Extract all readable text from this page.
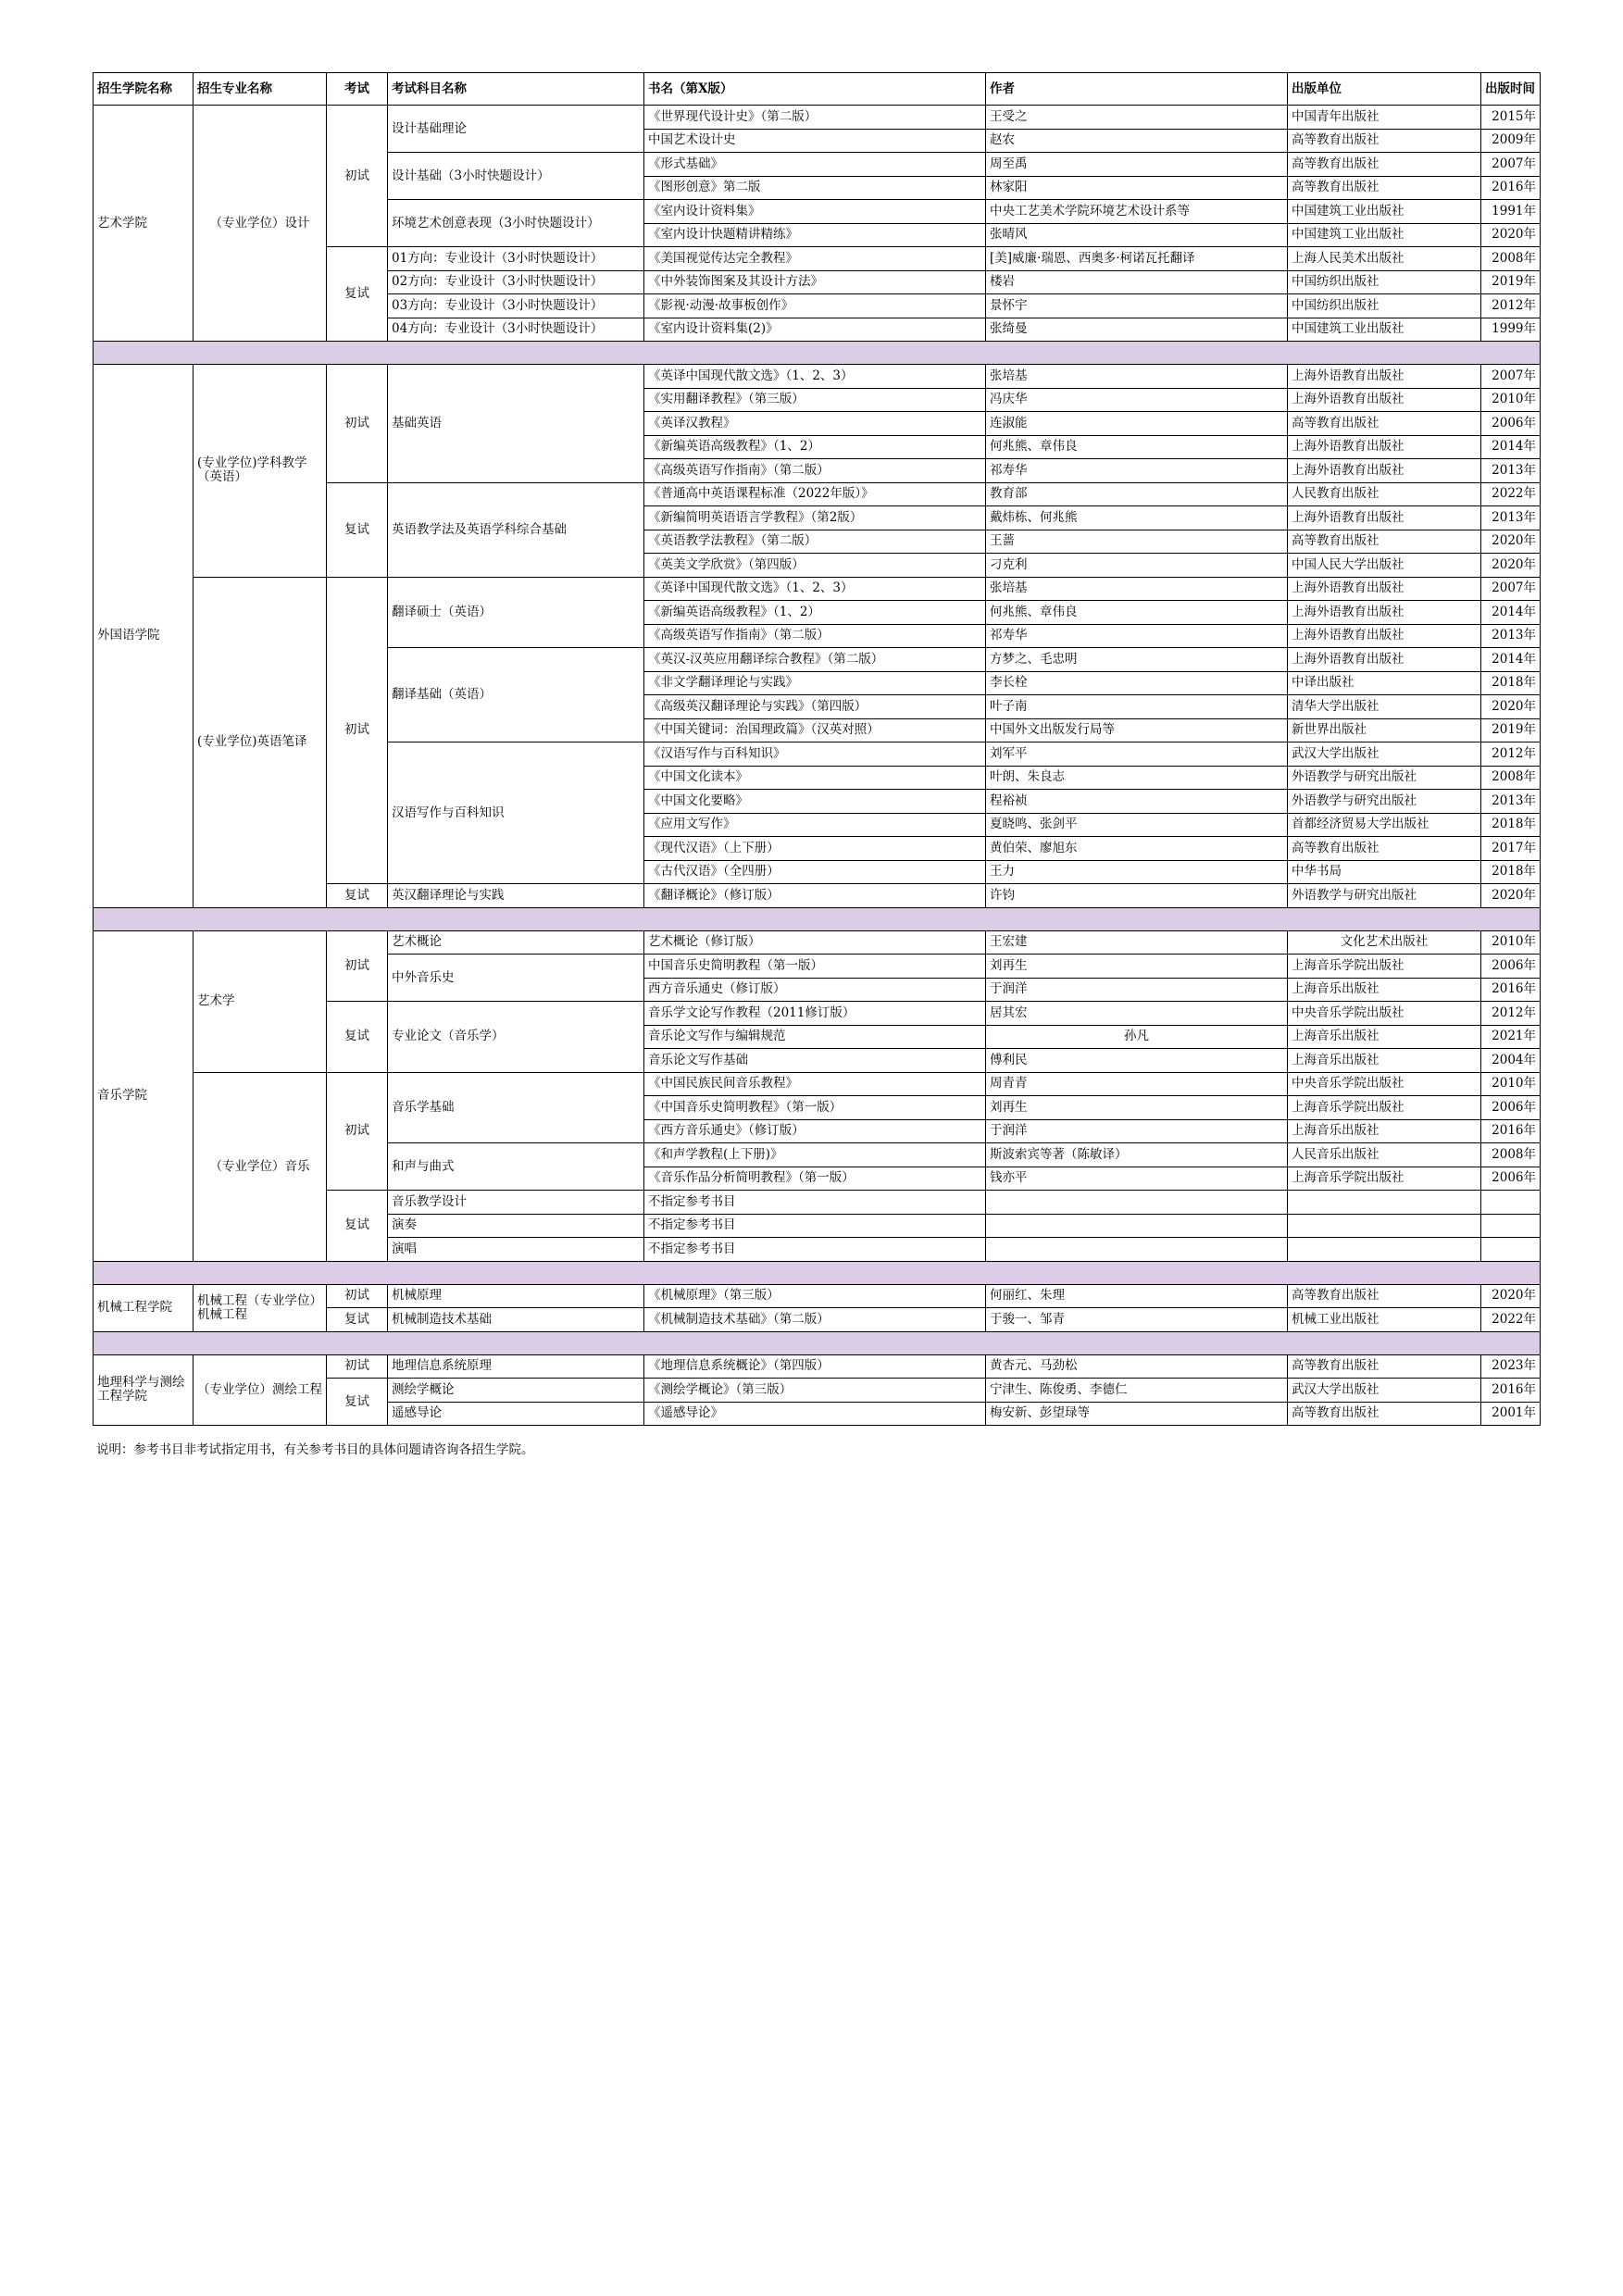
招生学院名称	招生专业名称	考试	考试科目名称	书名（第X版）	作者	出版单位	出版时间
艺术学院	（专业学位）设计	初试	设计基础理论	《世界现代设计史》（第二版）	王受之	中国青年出版社	2015年
				中国艺术设计史	赵农	高等教育出版社	2009年
			设计基础（3小时快题设计）	《形式基础》	周至禹	高等教育出版社	2007年
				《图形创意》第二版	林家阳	高等教育出版社	2016年
			环境艺术创意表现（3小时快题设计）	《室内设计资料集》	中央工艺美术学院环境艺术设计系等	中国建筑工业出版社	1991年
				《室内设计快题精讲精练》	张晴风	中国建筑工业出版社	2020年
		复试	01方向：专业设计（3小时快题设计）	《美国视觉传达完全教程》	[美]威廉·瑞恩、西奥多·柯诺瓦托翻译	上海人民美术出版社	2008年
			02方向：专业设计（3小时快题设计）	《中外装饰图案及其设计方法》	楼岩	中国纺织出版社	2019年
			03方向：专业设计（3小时快题设计）	《影视·动漫·故事板创作》	景怀宇	中国纺织出版社	2012年
			04方向：专业设计（3小时快题设计）	《室内设计资料集(2)》	张绮曼	中国建筑工业出版社	1999年

外国语学院	(专业学位)学科教学（英语）	初试	基础英语	《英译中国现代散文选》（1、2、3）	张培基	上海外语教育出版社	2007年
				《实用翻译教程》（第三版）	冯庆华	上海外语教育出版社	2010年
				《英译汉教程》	连淑能	高等教育出版社	2006年
				《新编英语高级教程》（1、2）	何兆熊、章伟良	上海外语教育出版社	2014年
				《高级英语写作指南》（第二版）	祁寿华	上海外语教育出版社	2013年
		复试	英语教学法及英语学科综合基础	《普通高中英语课程标准（2022年版）》	教育部	人民教育出版社	2022年
				《新编简明英语语言学教程》（第2版）	戴炜栋、何兆熊	上海外语教育出版社	2013年
				《英语教学法教程》（第二版）	王蔷	高等教育出版社	2020年
				《英美文学欣赏》（第四版）	刁克利	中国人民大学出版社	2020年
	(专业学位)英语笔译	初试	翻译硕士（英语）	《英译中国现代散文选》（1、2、3）	张培基	上海外语教育出版社	2007年
				《新编英语高级教程》（1、2）	何兆熊、章伟良	上海外语教育出版社	2014年
				《高级英语写作指南》（第二版）	祁寿华	上海外语教育出版社	2013年
			翻译基础（英语）	《英汉-汉英应用翻译综合教程》（第二版）	方梦之、毛忠明	上海外语教育出版社	2014年
				《非文学翻译理论与实践》	李长栓	中译出版社	2018年
				《高级英汉翻译理论与实践》（第四版）	叶子南	清华大学出版社	2020年
				《中国关键词：治国理政篇》（汉英对照）	中国外文出版发行局等	新世界出版社	2019年
			汉语写作与百科知识	《汉语写作与百科知识》	刘军平	武汉大学出版社	2012年
				《中国文化读本》	叶朗、朱良志	外语教学与研究出版社	2008年
				《中国文化要略》	程裕祯	外语教学与研究出版社	2013年
				《应用文写作》	夏晓鸣、张剑平	首都经济贸易大学出版社	2018年
				《现代汉语》（上下册）	黄伯荣、廖旭东	高等教育出版社	2017年
				《古代汉语》（全四册）	王力	中华书局	2018年
		复试	英汉翻译理论与实践	《翻译概论》（修订版）	许钧	外语教学与研究出版社	2020年

音乐学院	艺术学	初试	艺术概论	艺术概论（修订版）	王宏建	文化艺术出版社	2010年
			中外音乐史	中国音乐史简明教程（第一版）	刘再生	上海音乐学院出版社	2006年
				西方音乐通史（修订版）	于润洋	上海音乐出版社	2016年
		复试	专业论文（音乐学）	音乐学文论写作教程（2011修订版）	居其宏	中央音乐学院出版社	2012年
				音乐论文写作与编辑规范	孙凡	上海音乐出版社	2021年
				音乐论文写作基础	傅利民	上海音乐出版社	2004年
	（专业学位）音乐	初试	音乐学基础	《中国民族民间音乐教程》	周青青	中央音乐学院出版社	2010年
				《中国音乐史简明教程》（第一版）	刘再生	上海音乐学院出版社	2006年
				《西方音乐通史》（修订版）	于润洋	上海音乐出版社	2016年
			和声与曲式	《和声学教程(上下册)》	斯波索宾等著（陈敏译）	人民音乐出版社	2008年
				《音乐作品分析简明教程》（第一版）	钱亦平	上海音乐学院出版社	2006年
		复试	音乐教学设计	不指定参考书目			
			演奏	不指定参考书目			
			演唱	不指定参考书目			

机械工程学院	机械工程（专业学位）机械工程	初试	机械原理	《机械原理》（第三版）	何丽红、朱理	高等教育出版社	2020年
		复试	机械制造技术基础	《机械制造技术基础》（第二版）	于骏一、邹青	机械工业出版社	2022年

地理科学与测绘工程学院	（专业学位）测绘工程	初试	地理信息系统原理	《地理信息系统概论》（第四版）	黄杏元、马劲松	高等教育出版社	2023年
		复试	测绘学概论	《测绘学概论》（第三版）	宁津生、陈俊勇、李德仁	武汉大学出版社	2016年
			遥感导论	《遥感导论》	梅安新、彭望琭等	高等教育出版社	2001年
说明：参考书目非考试指定用书，有关参考书目的具体问题请咨询各招生学院。
